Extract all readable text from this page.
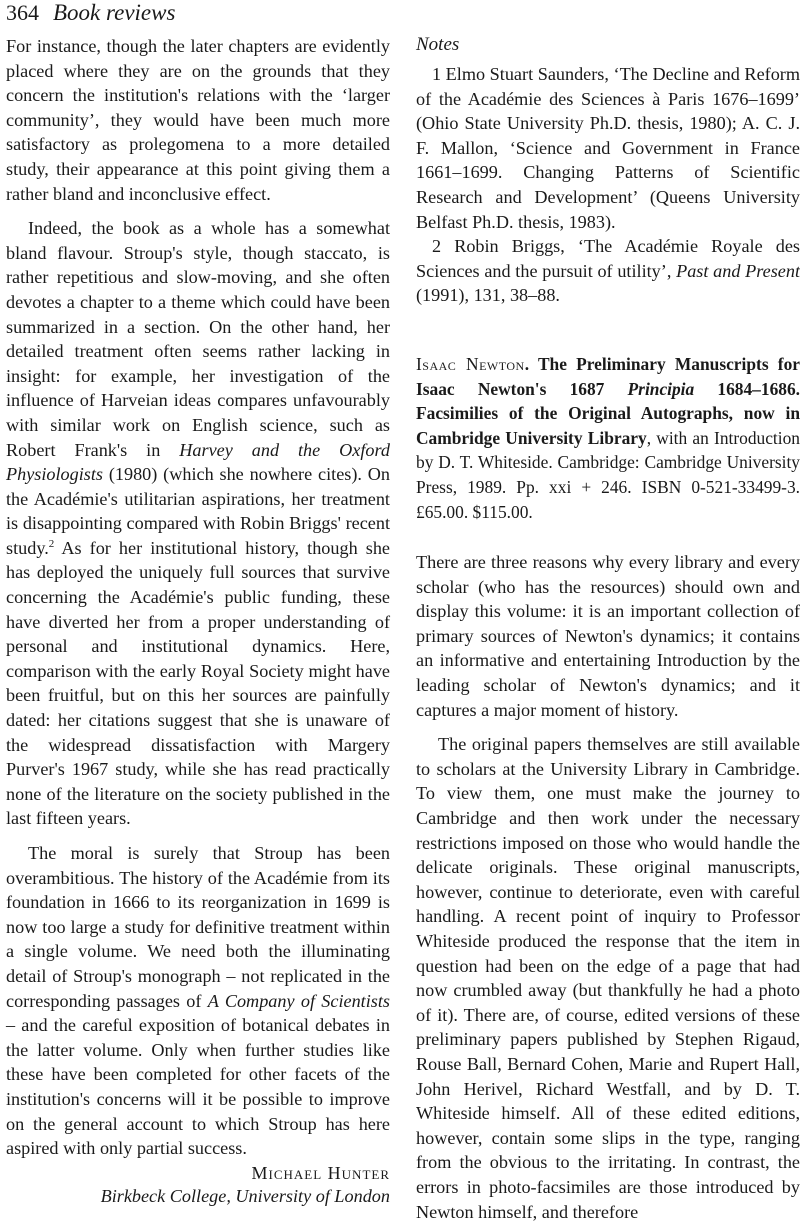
364 Book reviews

For instance, though the later chapters are evidently placed where they are on the grounds that they concern the institution's relations with the ‘larger community’, they would have been much more satisfactory as prolegomena to a more detailed study, their appearance at this point giving them a rather bland and inconclusive effect.

Indeed, the book as a whole has a somewhat bland flavour. Stroup's style, though staccato, is rather repetitious and slow-moving, and she often devotes a chapter to a theme which could have been summarized in a section. On the other hand, her detailed treatment often seems rather lacking in insight: for example, her investigation of the influence of Harveian ideas compares unfavourably with similar work on English science, such as Robert Frank's in Harvey and the Oxford Physiologists (1980) (which she nowhere cites). On the Académie's utilitarian aspirations, her treatment is disappointing compared with Robin Briggs' recent study.$^2$ As for her institutional history, though she has deployed the uniquely full sources that survive concerning the Académie's public funding, these have diverted her from a proper understanding of personal and institutional dynamics. Here, comparison with the early Royal Society might have been fruitful, but on this her sources are painfully dated: her citations suggest that she is unaware of the widespread dissatisfaction with Margery Purver's 1967 study, while she has read practically none of the literature on the society published in the last fifteen years.

The moral is surely that Stroup has been overambitious. The history of the Académie from its foundation in 1666 to its reorganization in 1699 is now too large a study for definitive treatment within a single volume. We need both the illuminating detail of Stroup's monograph – not replicated in the corresponding passages of A Company of Scientists – and the careful exposition of botanical debates in the latter volume. Only when further studies like these have been completed for other facets of the institution's concerns will it be possible to improve on the general account to which Stroup has here aspired with only partial success.

Michael Hunter
Birkbeck College, University of London
Notes

1 Elmo Stuart Saunders, ‘The Decline and Reform of the Académie des Sciences à Paris 1676–1699’ (Ohio State University Ph.D. thesis, 1980); A. C. J. F. Mallon, ‘Science and Government in France 1661–1699. Changing Patterns of Scientific Research and Development’ (Queens University Belfast Ph.D. thesis, 1983).

2 Robin Briggs, ‘The Académie Royale des Sciences and the pursuit of utility’, Past and Present (1991), 131, 38–88.

Isaac Newton. The Preliminary Manuscripts for Isaac Newton's 1687 Principia 1684–1686. Facsimilies of the Original Autographs, now in Cambridge University Library, with an Introduction by D. T. Whiteside. Cambridge: Cambridge University Press, 1989. Pp. xxi + 246. ISBN 0-521-33499-3. £65.00. $115.00.

There are three reasons why every library and every scholar (who has the resources) should own and display this volume: it is an important collection of primary sources of Newton's dynamics; it contains an informative and entertaining Introduction by the leading scholar of Newton's dynamics; and it captures a major moment of history.

The original papers themselves are still available to scholars at the University Library in Cambridge. To view them, one must make the journey to Cambridge and then work under the necessary restrictions imposed on those who would handle the delicate originals. These original manuscripts, however, continue to deteriorate, even with careful handling. A recent point of inquiry to Professor Whiteside produced the response that the item in question had been on the edge of a page that had now crumbled away (but thankfully he had a photo of it). There are, of course, edited versions of these preliminary papers published by Stephen Rigaud, Rouse Ball, Bernard Cohen, Marie and Rupert Hall, John Herivel, Richard Westfall, and by D. T. Whiteside himself. All of these edited editions, however, contain some slips in the type, ranging from the obvious to the irritating. In contrast, the errors in photo-facsimiles are those introduced by Newton himself, and therefore
